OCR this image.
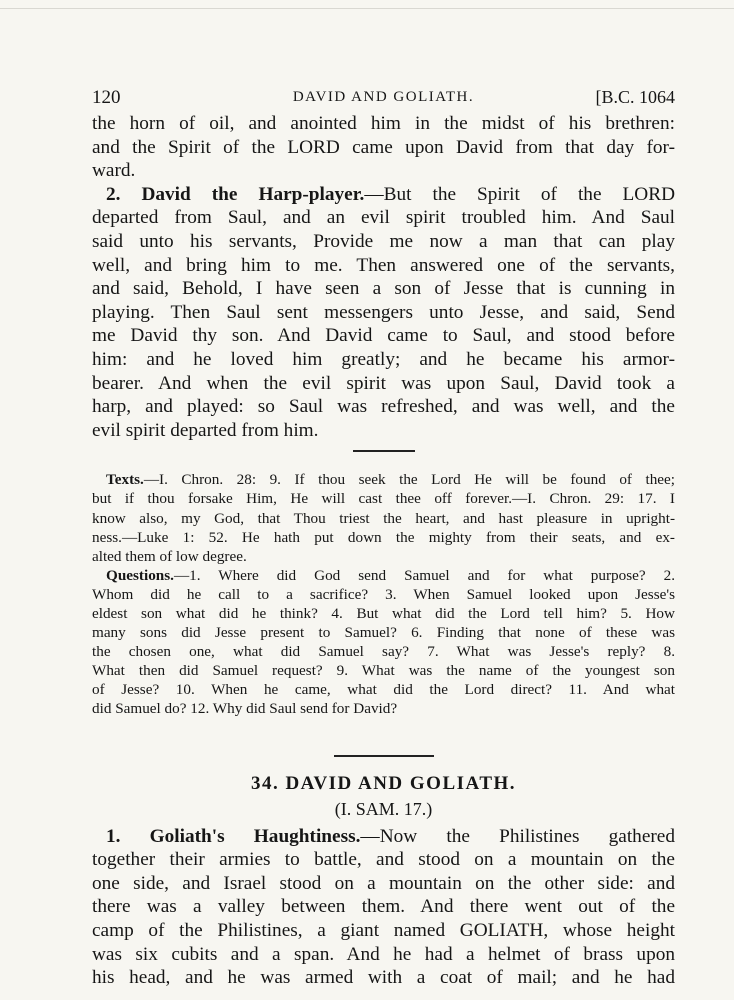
120	DAVID AND GOLIATH.	[B.C. 1064

the horn of oil, and anointed him in the midst of his brethren:
and the Spirit of the LORD came upon David from that day for-
ward.

2. David the Harp-player.—But the Spirit of the LORD
departed from Saul, and an evil spirit troubled him. And Saul
said unto his servants, Provide me now a man that can play
well, and bring him to me. Then answered one of the servants,
and said, Behold, I have seen a son of Jesse that is cunning in
playing. Then Saul sent messengers unto Jesse, and said, Send
me David thy son. And David came to Saul, and stood before
him: and he loved him greatly; and he became his armor-
bearer. And when the evil spirit was upon Saul, David took a
harp, and played: so Saul was refreshed, and was well, and the
evil spirit departed from him.

Texts.—I. Chron. 28: 9. If thou seek the Lord He will be found of thee;
but if thou forsake Him, He will cast thee off forever.—I. Chron. 29: 17. I
know also, my God, that Thou triest the heart, and hast pleasure in upright-
ness.—Luke 1: 52. He hath put down the mighty from their seats, and ex-
alted them of low degree.

Questions.—1. Where did God send Samuel and for what purpose? 2.
Whom did he call to a sacrifice? 3. When Samuel looked upon Jesse's
eldest son what did he think? 4. But what did the Lord tell him? 5. How
many sons did Jesse present to Samuel? 6. Finding that none of these was
the chosen one, what did Samuel say? 7. What was Jesse's reply? 8.
What then did Samuel request? 9. What was the name of the youngest son
of Jesse? 10. When he came, what did the Lord direct? 11. And what
did Samuel do? 12. Why did Saul send for David?

34. DAVID AND GOLIATH.
(I. SAM. 17.)

1. Goliath's Haughtiness.—Now the Philistines gathered
together their armies to battle, and stood on a mountain on the
one side, and Israel stood on a mountain on the other side: and
there was a valley between them. And there went out of the
camp of the Philistines, a giant named GOLIATH, whose height
was six cubits and a span. And he had a helmet of brass upon
his head, and he was armed with a coat of mail; and he had
